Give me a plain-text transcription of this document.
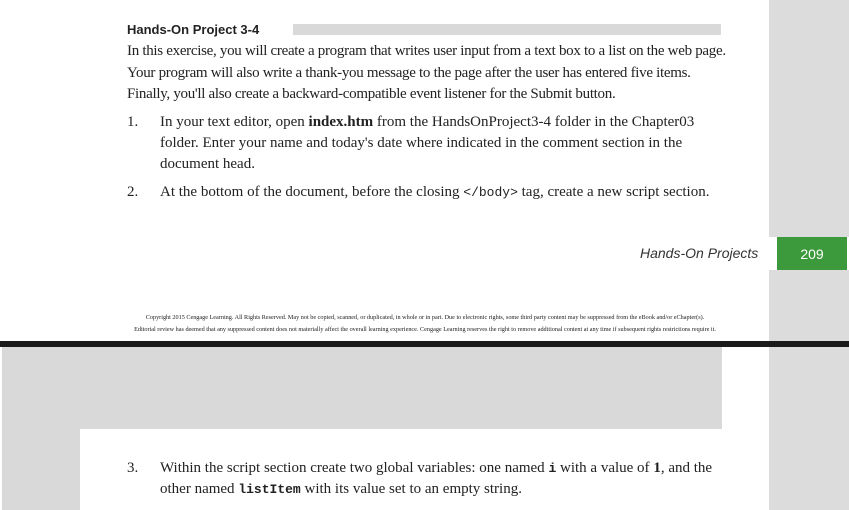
Hands-On Project 3-4
In this exercise, you will create a program that writes user input from a text box to a list on the web page. Your program will also write a thank-you message to the page after the user has entered five items. Finally, you'll also create a backward-compatible event listener for the Submit button.
1. In your text editor, open index.htm from the HandsOnProject3-4 folder in the Chapter03 folder. Enter your name and today's date where indicated in the comment section in the document head.
2. At the bottom of the document, before the closing </body> tag, create a new script section.
Hands-On Projects	209
Copyright 2015 Cengage Learning. All Rights Reserved. May not be copied, scanned, or duplicated, in whole or in part. Due to electronic rights, some third party content may be suppressed from the eBook and/or eChapter(s).
Editorial review has deemed that any suppressed content does not materially affect the overall learning experience. Cengage Learning reserves the right to remove additional content at any time if subsequent rights restrictions require it.
3. Within the script section create two global variables: one named i with a value of 1, and the other named listItem with its value set to an empty string.
